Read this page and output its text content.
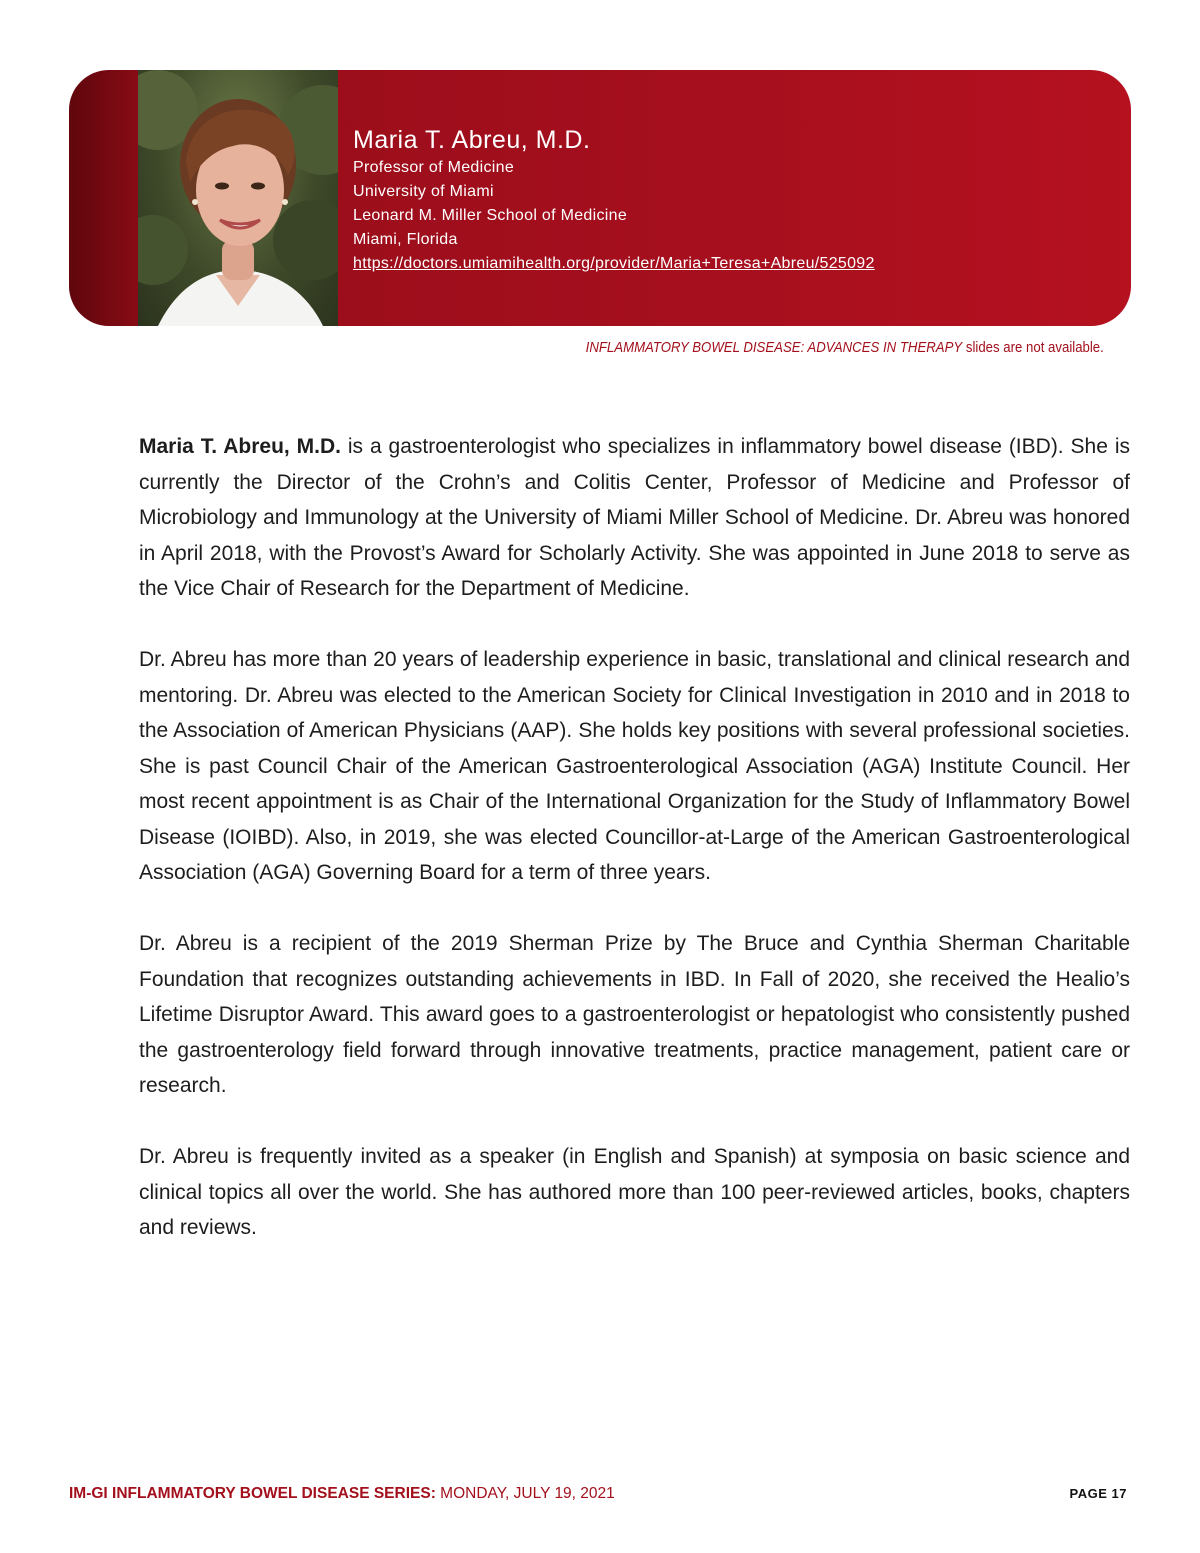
Maria T. Abreu, M.D.

Professor of Medicine

University of Miami

Leonard M. Miller School of Medicine

Miami, Florida

https://doctors.umiamihealth.org/provider/Maria+Teresa+Abreu/525092

INFLAMMATORY BOWEL DISEASE: ADVANCES IN THERAPY slides are not available.

Maria T. Abreu, M.D. is a gastroenterologist who specializes in inflammatory bowel disease (IBD). She is currently the Director of the Crohn’s and Colitis Center, Professor of Medicine and Professor of Microbiology and Immunology at the University of Miami Miller School of Medicine. Dr. Abreu was honored in April 2018, with the Provost’s Award for Scholarly Activity. She was appointed in June 2018 to serve as the Vice Chair of Research for the Department of Medicine.

Dr. Abreu has more than 20 years of leadership experience in basic, translational and clinical research and mentoring. Dr. Abreu was elected to the American Society for Clinical Investigation in 2010 and in 2018 to the Association of American Physicians (AAP). She holds key positions with several professional societies. She is past Council Chair of the American Gastroenterological Association (AGA) Institute Council. Her most recent appointment is as Chair of the International Organization for the Study of Inflammatory Bowel Disease (IOIBD). Also, in 2019, she was elected Councillor-at-Large of the American Gastroenterological Association (AGA) Governing Board for a term of three years.

Dr. Abreu is a recipient of the 2019 Sherman Prize by The Bruce and Cynthia Sherman Charitable Foundation that recognizes outstanding achievements in IBD. In Fall of 2020, she received the Healio’s Lifetime Disruptor Award. This award goes to a gastroenterologist or hepatologist who consistently pushed the gastroenterology field forward through innovative treatments, practice management, patient care or research.

Dr. Abreu is frequently invited as a speaker (in English and Spanish) at symposia on basic science and clinical topics all over the world. She has authored more than 100 peer-reviewed articles, books, chapters and reviews.

IM-GI INFLAMMATORY BOWEL DISEASE SERIES: MONDAY, JULY 19, 2021	PAGE 17
